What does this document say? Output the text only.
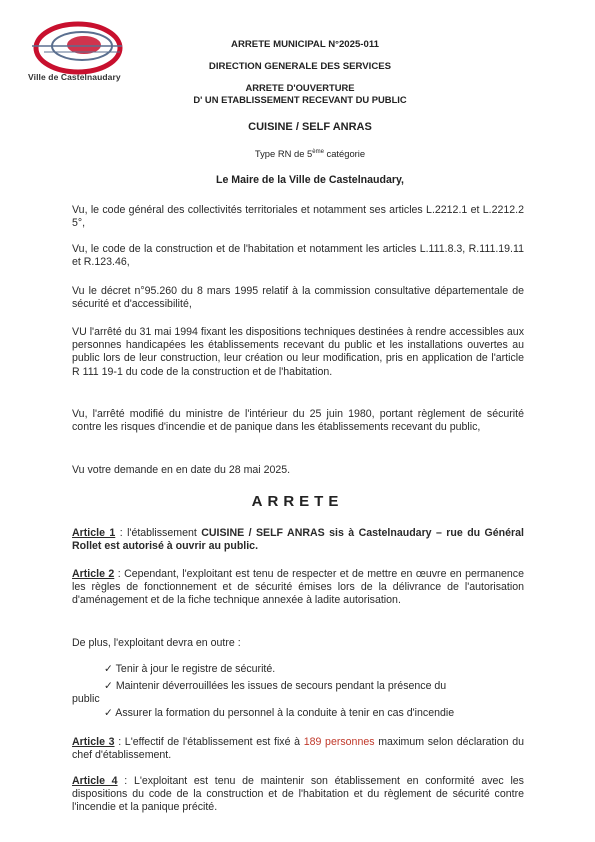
Ville de Castelnaudary
ARRETE MUNICIPAL N°2025-011
DIRECTION GENERALE DES SERVICES
ARRETE D'OUVERTURE
D' UN ETABLISSEMENT RECEVANT DU PUBLIC
CUISINE / SELF ANRAS
Type RN de 5ème catégorie
Le Maire de la Ville de Castelnaudary,
Vu, le code général des collectivités territoriales et notamment ses articles L.2212.1 et L.2212.2 5°,
Vu, le code de la construction et de l'habitation et notamment les articles L.111.8.3, R.111.19.11 et R.123.46,
Vu le décret n°95.260 du 8 mars 1995 relatif à la commission consultative départementale de sécurité et d'accessibilité,
VU l'arrêté du 31 mai 1994 fixant les dispositions techniques destinées à rendre accessibles aux personnes handicapées les établissements recevant du public et les installations ouvertes au public lors de leur construction, leur création ou leur modification, pris en application de l'article R 111 19-1 du code de la construction et de l'habitation.
Vu, l'arrêté modifié du ministre de l'intérieur du 25 juin 1980, portant règlement de sécurité contre les risques d'incendie et de panique dans les établissements recevant du public,
Vu votre demande en en date du 28 mai 2025.
ARRETE
Article 1 : l'établissement CUISINE / SELF ANRAS sis à Castelnaudary – rue du Général Rollet est autorisé à ouvrir au public.
Article 2 : Cependant, l'exploitant est tenu de respecter et de mettre en œuvre en permanence les règles de fonctionnement et de sécurité émises lors de la délivrance de l'autorisation d'aménagement et de la fiche technique annexée à ladite autorisation.
De plus, l'exploitant devra en outre :
✓ Tenir à jour le registre de sécurité.
✓ Maintenir déverrouillées les issues de secours pendant la présence du
public
✓ Assurer la formation du personnel à la conduite à tenir en cas d'incendie
Article 3 : L'effectif de l'établissement est fixé à 189 personnes maximum selon déclaration du chef d'établissement.
Article 4 : L'exploitant est tenu de maintenir son établissement en conformité avec les dispositions du code de la construction et de l'habitation et du règlement de sécurité contre l'incendie et la panique précité.
